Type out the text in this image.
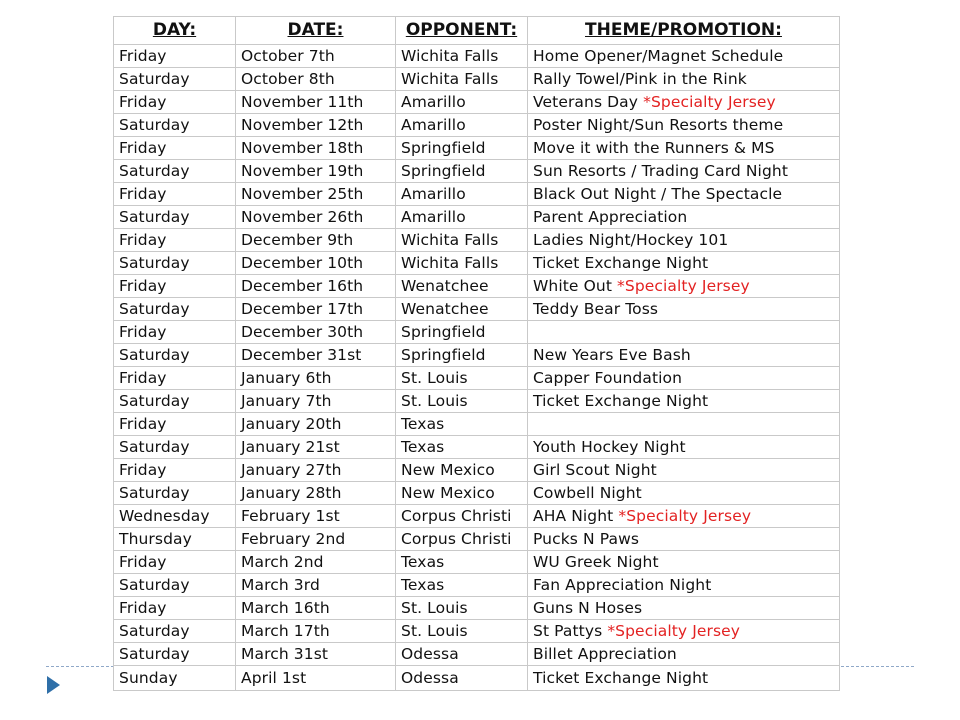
DAY:	DATE:	OPPONENT:	THEME/PROMOTION:
Friday	October 7th	Wichita Falls	Home Opener/Magnet Schedule
Saturday	October 8th	Wichita Falls	Rally Towel/Pink in the Rink
Friday	November 11th	Amarillo	Veterans Day *Specialty Jersey
Saturday	November 12th	Amarillo	Poster Night/Sun Resorts theme
Friday	November 18th	Springfield	Move it with the Runners & MS
Saturday	November 19th	Springfield	Sun Resorts / Trading Card Night
Friday	November 25th	Amarillo	Black Out Night / The Spectacle
Saturday	November 26th	Amarillo	Parent Appreciation
Friday	December 9th	Wichita Falls	Ladies Night/Hockey 101
Saturday	December 10th	Wichita Falls	Ticket Exchange Night
Friday	December 16th	Wenatchee	White Out *Specialty Jersey
Saturday	December 17th	Wenatchee	Teddy Bear Toss
Friday	December 30th	Springfield	
Saturday	December 31st	Springfield	New Years Eve Bash
Friday	January 6th	St. Louis	Capper Foundation
Saturday	January 7th	St. Louis	Ticket Exchange Night
Friday	January 20th	Texas	
Saturday	January 21st	Texas	Youth Hockey Night
Friday	January 27th	New Mexico	Girl Scout Night
Saturday	January 28th	New Mexico	Cowbell Night
Wednesday	February 1st	Corpus Christi	AHA Night *Specialty Jersey
Thursday	February 2nd	Corpus Christi	Pucks N Paws
Friday	March 2nd	Texas	WU Greek Night
Saturday	March 3rd	Texas	Fan Appreciation Night
Friday	March 16th	St. Louis	Guns N Hoses
Saturday	March 17th	St. Louis	St Pattys *Specialty Jersey
Saturday	March 31st	Odessa	Billet Appreciation
Sunday	April 1st	Odessa	Ticket Exchange Night
